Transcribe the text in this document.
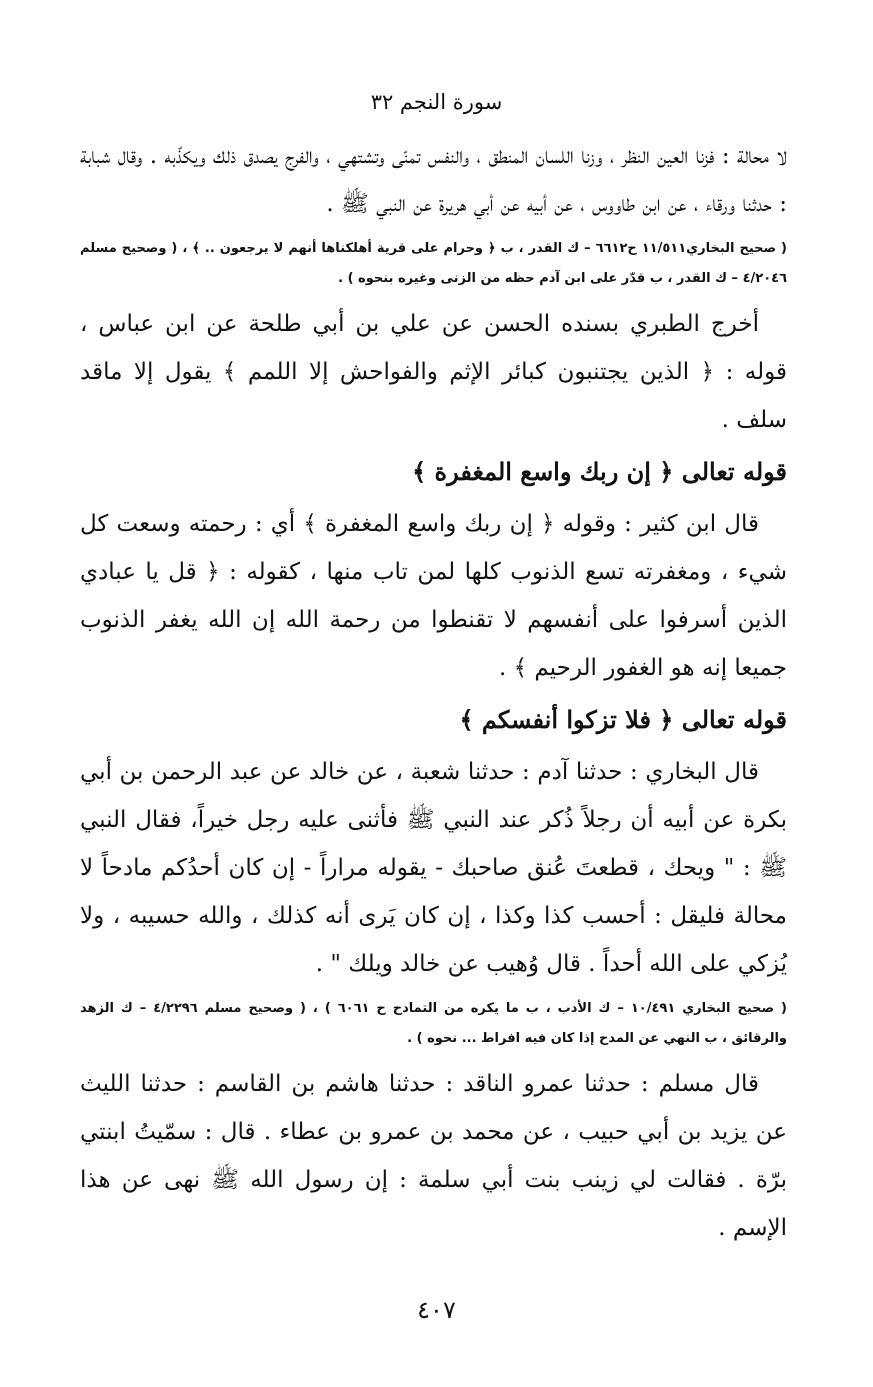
سورة النجم ٣٢

لا محالة : فزنا العين النظر ، وزنا اللسان المنطق ، والنفس تمنّى وتشتهي ، والفرج يصدق ذلك ويكذّبه . وقال شبابة : حدثنا ورقاء ، عن ابن طاووس ، عن أبيه عن أبي هريرة عن النبي ﷺ .

( صحيح البخاري١١/٥١١ ح٦٦١٢ – ك القدر ، ب ﴿ وحرام على قرية أهلكناها أنهم لا يرجعون .. ﴾ ، ( وصحيح مسلم ٤/٢٠٤٦ – ك القدر ، ب قدّر على ابن آدم حظه من الزنى وغيره بنحوه ) .

أخرج الطبري بسنده الحسن عن علي بن أبي طلحة عن ابن عباس ، قوله : ﴿ الذين يجتنبون كبائر الإثم والفواحش إلا اللمم ﴾ يقول إلا ماقد سلف .

قوله تعالى ﴿ إن ربك واسع المغفرة ﴾

قال ابن كثير : وقوله ﴿ إن ربك واسع المغفرة ﴾ أي : رحمته وسعت كل شيء ، ومغفرته تسع الذنوب كلها لمن تاب منها ، كقوله : ﴿ قل يا عبادي الذين أسرفوا على أنفسهم لا تقنطوا من رحمة الله إن الله يغفر الذنوب جميعا إنه هو الغفور الرحيم ﴾ .

قوله تعالى ﴿ فلا تزكوا أنفسكم ﴾

قال البخاري : حدثنا آدم : حدثنا شعبة ، عن خالد عن عبد الرحمن بن أبي بكرة عن أبيه أن رجلاً ذُكر عند النبي ﷺ فأثنى عليه رجل خيراً، فقال النبي ﷺ : " ويحك ، قطعتَ عُنق صاحبك - يقوله مراراً - إن كان أحدُكم مادحاً لا محالة فليقل : أحسب كذا وكذا ، إن كان يَرى أنه كذلك ، والله حسيبه ، ولا يُزكي على الله أحداً . قال وُهيب عن خالد ويلك " .

( صحيح البخاري ١٠/٤٩١ – ك الأدب ، ب ما يكره من التمادح ح ٦٠٦١ ) ، ( وصحيح مسلم ٤/٢٢٩٦ – ك الزهد والرقائق ، ب النهي عن المدح إذا كان فيه افراط ... نحوه ) .

قال مسلم : حدثنا عمرو الناقد : حدثنا هاشم بن القاسم : حدثنا الليث عن يزيد بن أبي حبيب ، عن محمد بن عمرو بن عطاء . قال : سمّيتُ ابنتي برّة . فقالت لي زينب بنت أبي سلمة : إن رسول الله ﷺ نهى عن هذا الإسم .

٤٠٧
